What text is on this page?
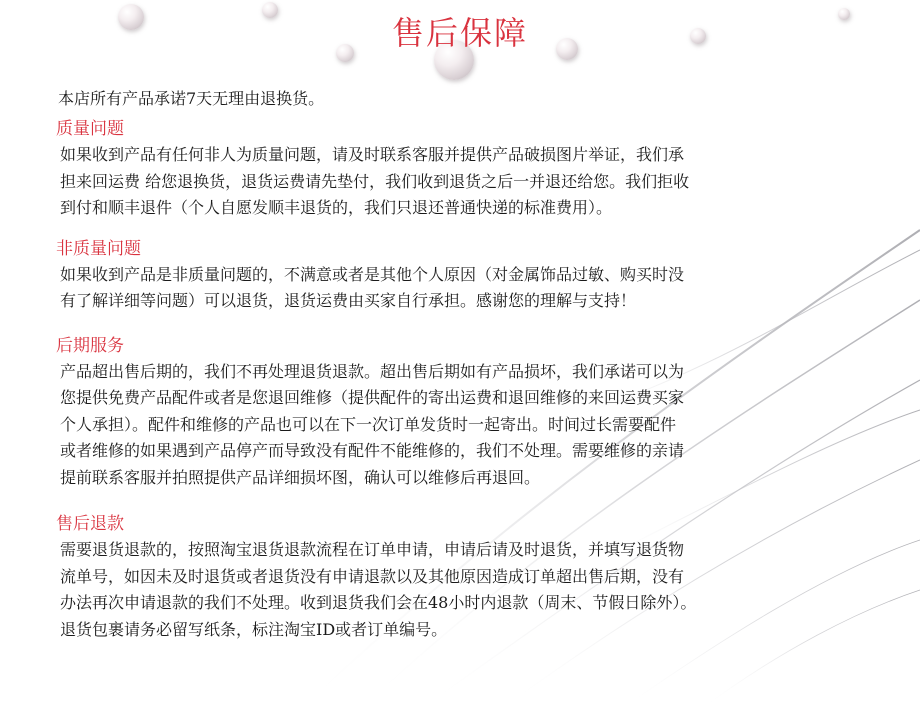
售后保障

本店所有产品承诺7天无理由退换货。

质量问题

如果收到产品有任何非人为质量问题，请及时联系客服并提供产品破损图片举证，我们承
担来回运费 给您退换货，退货运费请先垫付，我们收到退货之后一并退还给您。我们拒收
到付和顺丰退件（个人自愿发顺丰退货的，我们只退还普通快递的标准费用）。

非质量问题

如果收到产品是非质量问题的，不满意或者是其他个人原因（对金属饰品过敏、购买时没
有了解详细等问题）可以退货，退货运费由买家自行承担。感谢您的理解与支持！

后期服务

产品超出售后期的，我们不再处理退货退款。超出售后期如有产品损坏，我们承诺可以为
您提供免费产品配件或者是您退回维修（提供配件的寄出运费和退回维修的来回运费买家
个人承担）。配件和维修的产品也可以在下一次订单发货时一起寄出。时间过长需要配件
或者维修的如果遇到产品停产而导致没有配件不能维修的，我们不处理。需要维修的亲请
提前联系客服并拍照提供产品详细损坏图，确认可以维修后再退回。

售后退款

需要退货退款的，按照淘宝退货退款流程在订单申请，申请后请及时退货，并填写退货物
流单号，如因未及时退货或者退货没有申请退款以及其他原因造成订单超出售后期，没有
办法再次申请退款的我们不处理。收到退货我们会在48小时内退款（周末、节假日除外）。
退货包裹请务必留写纸条，标注淘宝ID或者订单编号。
